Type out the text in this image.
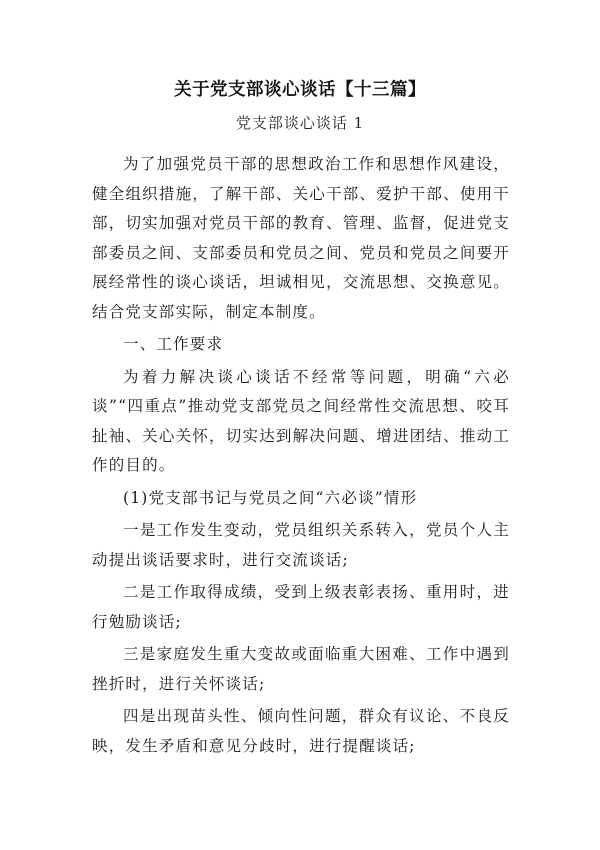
关于党支部谈心谈话【十三篇】
党支部谈心谈话 1

为了加强党员干部的思想政治工作和思想作风建设，健全组织措施，了解干部、关心干部、爱护干部、使用干部，切实加强对党员干部的教育、管理、监督，促进党支部委员之间、支部委员和党员之间、党员和党员之间要开展经常性的谈心谈话，坦诚相见，交流思想、交换意见。结合党支部实际，制定本制度。

一、工作要求

为着力解决谈心谈话不经常等问题，明确“六必谈”“四重点”推动党支部党员之间经常性交流思想、咬耳扯袖、关心关怀，切实达到解决问题、增进团结、推动工作的目的。

(1)党支部书记与党员之间“六必谈”情形

一是工作发生变动，党员组织关系转入，党员个人主动提出谈话要求时，进行交流谈话;

二是工作取得成绩，受到上级表彰表扬、重用时，进行勉励谈话;

三是家庭发生重大变故或面临重大困难、工作中遇到挫折时，进行关怀谈话;

四是出现苗头性、倾向性问题，群众有议论、不良反映，发生矛盾和意见分歧时，进行提醒谈话;
